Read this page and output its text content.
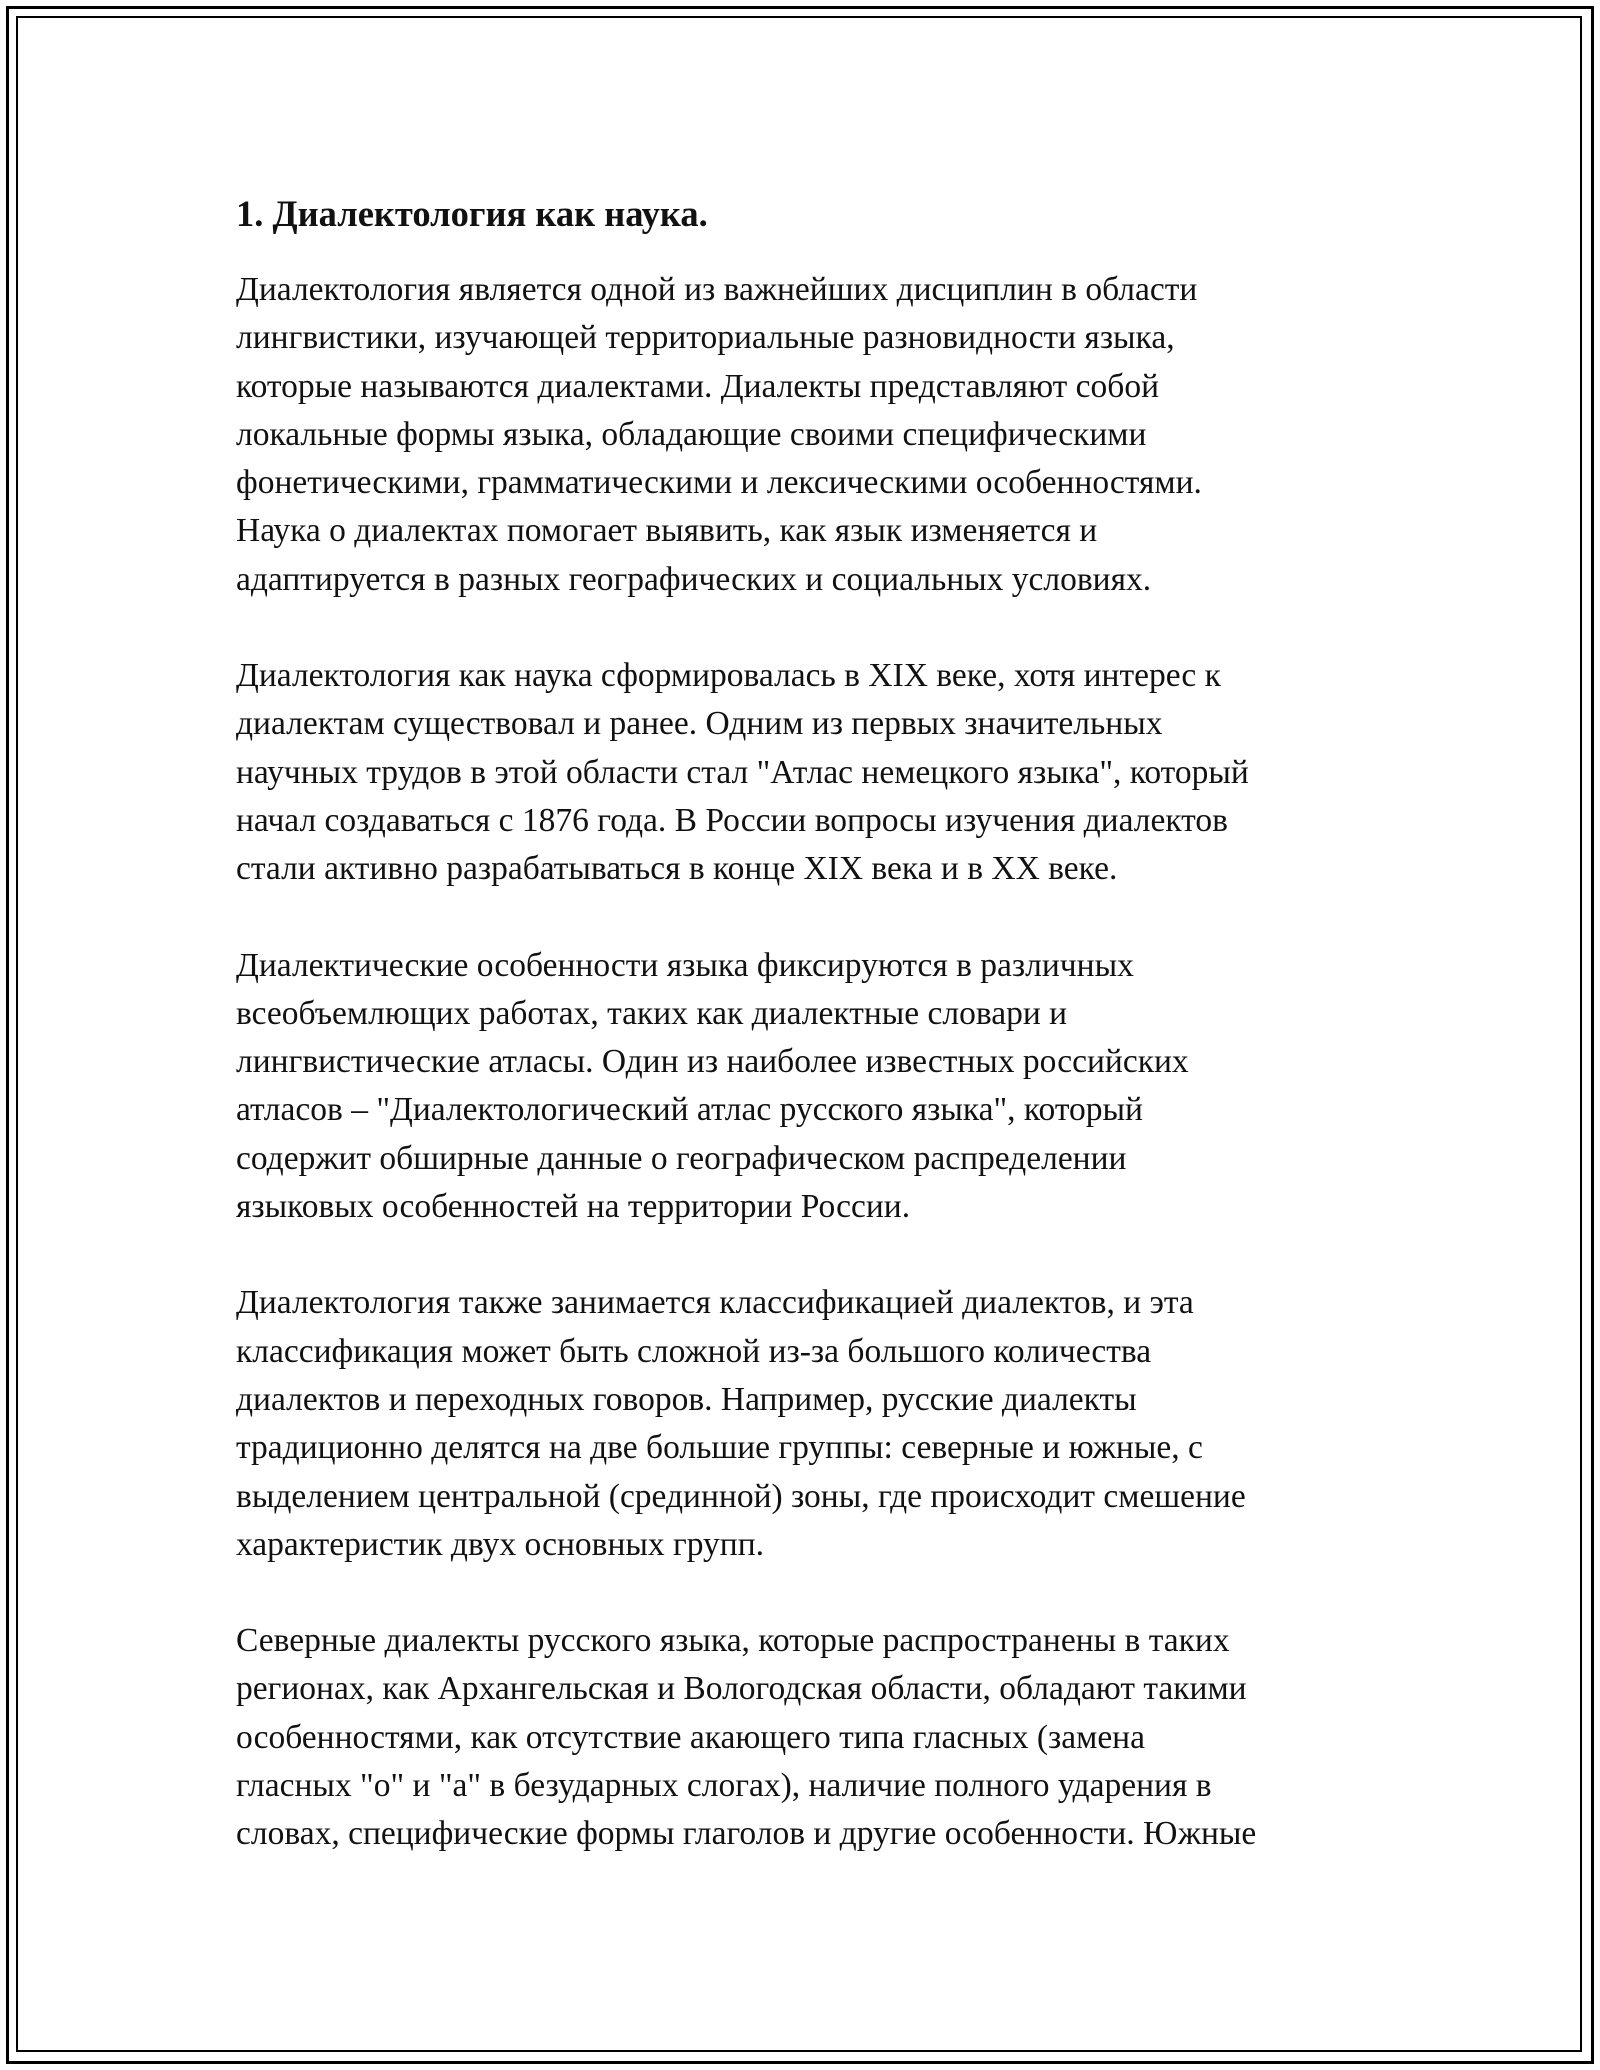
1. Диалектология как наука.

Диалектология является одной из важнейших дисциплин в области
лингвистики, изучающей территориальные разновидности языка,
которые называются диалектами. Диалекты представляют собой
локальные формы языка, обладающие своими специфическими
фонетическими, грамматическими и лексическими особенностями.
Наука о диалектах помогает выявить, как язык изменяется и
адаптируется в разных географических и социальных условиях.

Диалектология как наука сформировалась в XIX веке, хотя интерес к
диалектам существовал и ранее. Одним из первых значительных
научных трудов в этой области стал "Атлас немецкого языка", который
начал создаваться с 1876 года. В России вопросы изучения диалектов
стали активно разрабатываться в конце XIX века и в XX веке.

Диалектические особенности языка фиксируются в различных
всеобъемлющих работах, таких как диалектные словари и
лингвистические атласы. Один из наиболее известных российских
атласов – "Диалектологический атлас русского языка", который
содержит обширные данные о географическом распределении
языковых особенностей на территории России.

Диалектология также занимается классификацией диалектов, и эта
классификация может быть сложной из-за большого количества
диалектов и переходных говоров. Например, русские диалекты
традиционно делятся на две большие группы: северные и южные, с
выделением центральной (срединной) зоны, где происходит смешение
характеристик двух основных групп.

Северные диалекты русского языка, которые распространены в таких
регионах, как Архангельская и Вологодская области, обладают такими
особенностями, как отсутствие акающего типа гласных (замена
гласных "о" и "а" в безударных слогах), наличие полного ударения в
словах, специфические формы глаголов и другие особенности. Южные
